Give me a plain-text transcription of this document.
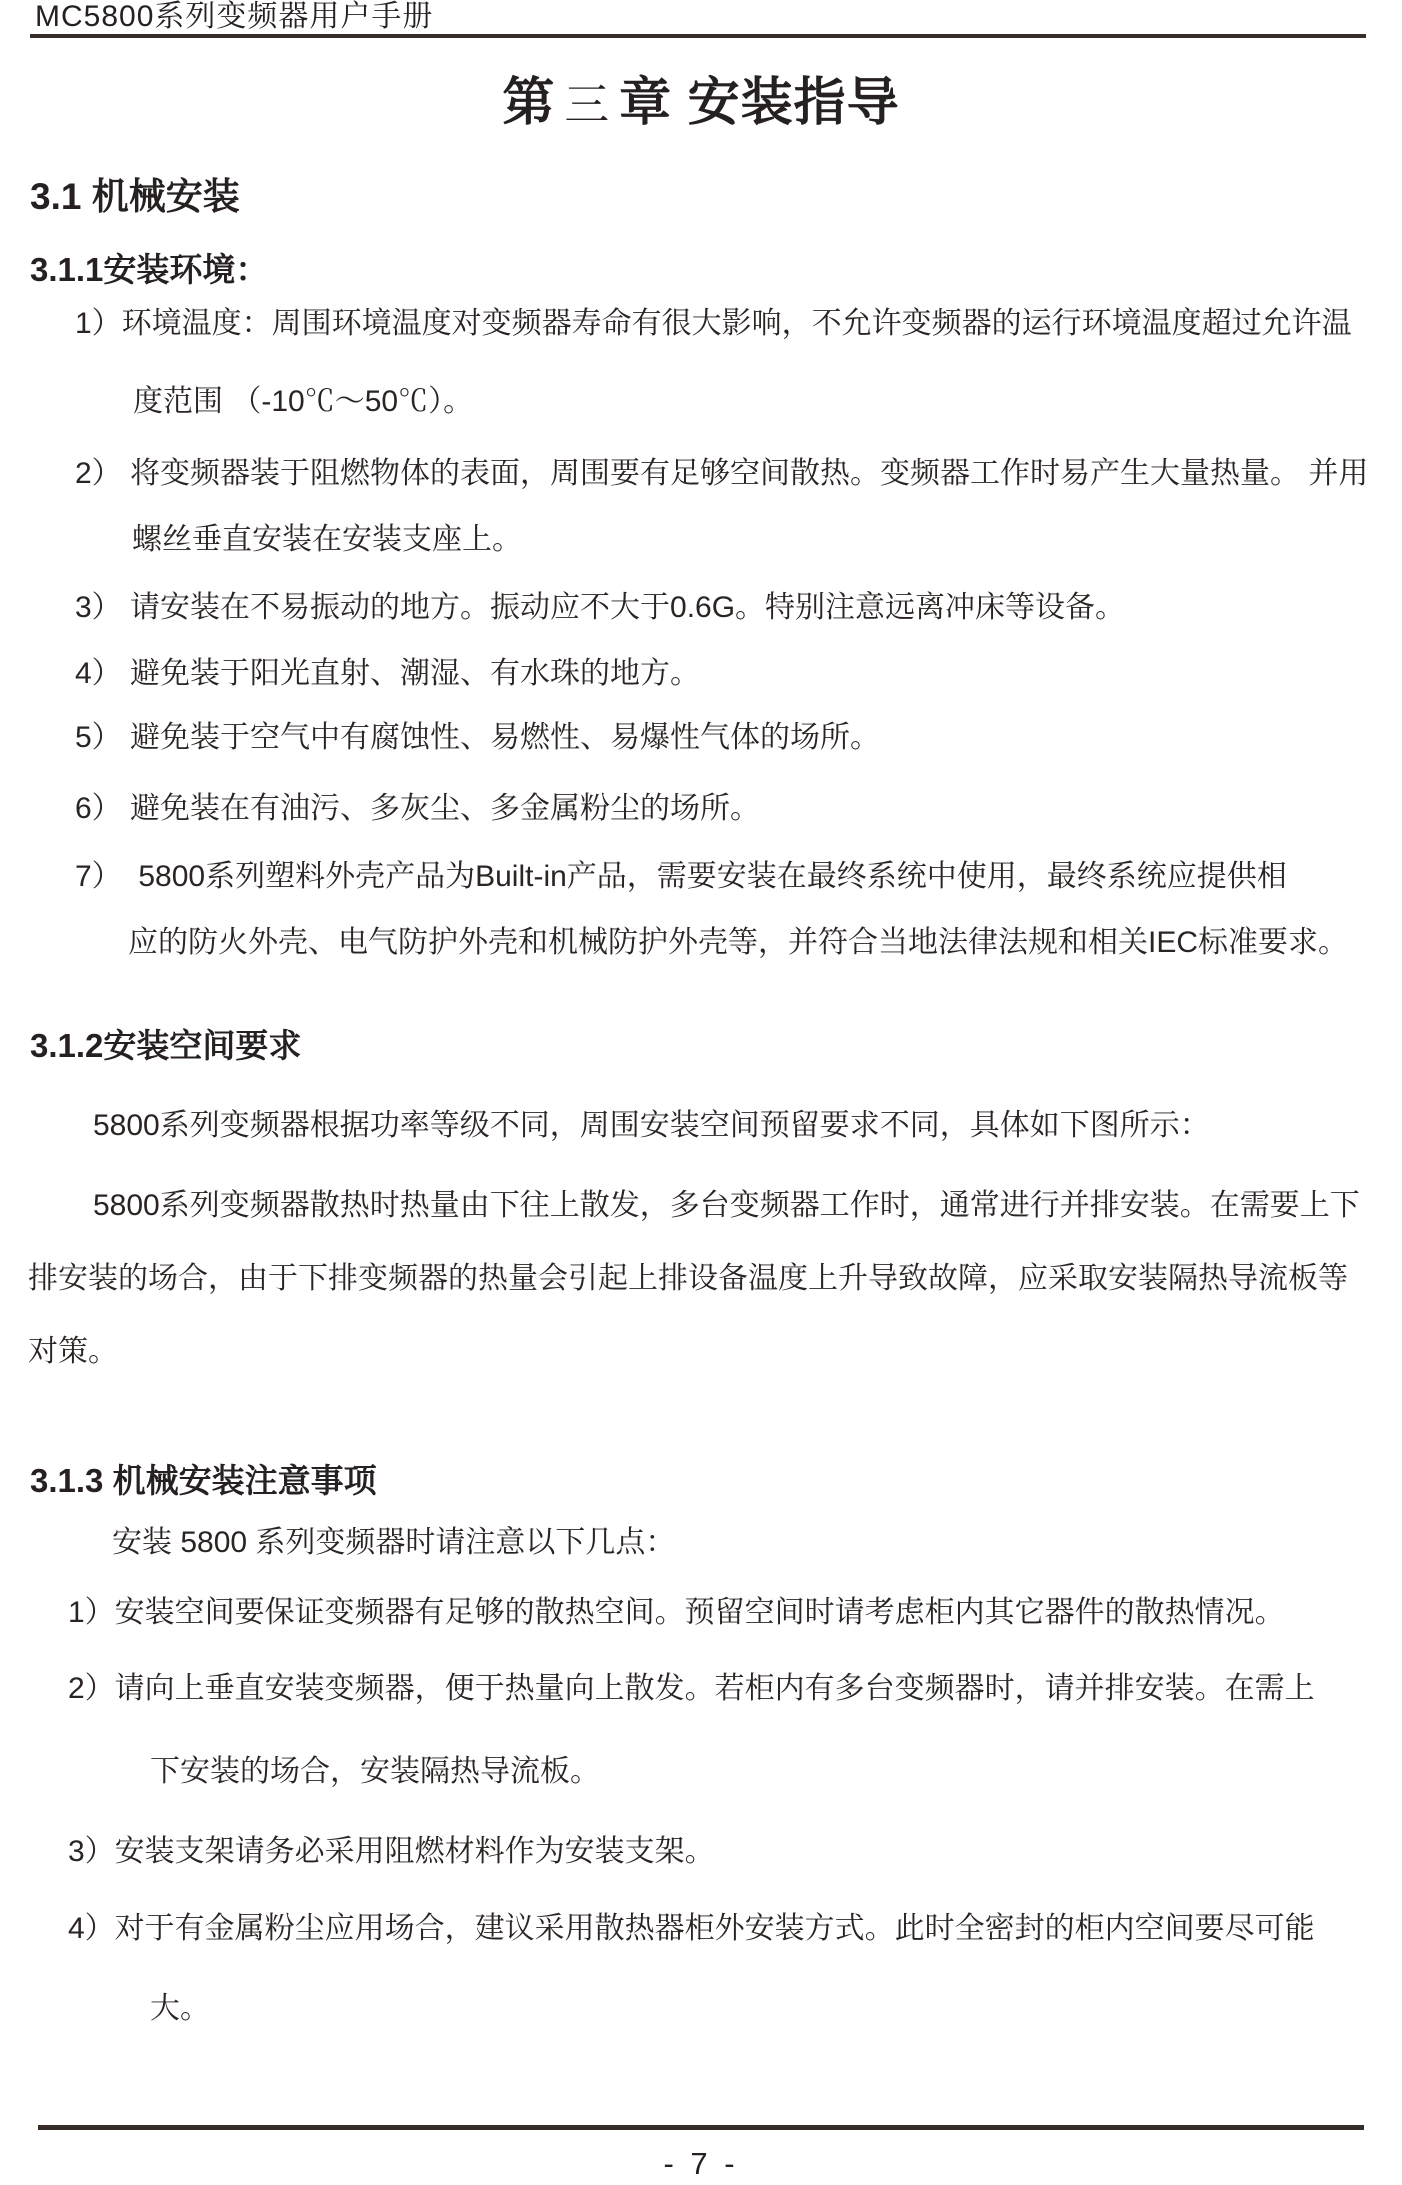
MC5800系列变频器用户手册
第 三 章 安装指导
3.1 机械安装
3.1.1安装环境：
1）环境温度：周围环境温度对变频器寿命有很大影响，不允许变频器的运行环境温度超过允许温
度范围 （-10℃～50℃）。
2） 将变频器装于阻燃物体的表面，周围要有足够空间散热。变频器工作时易产生大量热量。 并用
螺丝垂直安装在安装支座上。
3） 请安装在不易振动的地方。振动应不大于0.6G。特别注意远离冲床等设备。
4） 避免装于阳光直射、潮湿、有水珠的地方。
5） 避免装于空气中有腐蚀性、易燃性、易爆性气体的场所。
6） 避免装在有油污、多灰尘、多金属粉尘的场所。
7）  5800系列塑料外壳产品为Built-in产品，需要安装在最终系统中使用，最终系统应提供相
应的防火外壳、电气防护外壳和机械防护外壳等，并符合当地法律法规和相关IEC标准要求。
3.1.2安装空间要求
5800系列变频器根据功率等级不同，周围安装空间预留要求不同，具体如下图所示：
5800系列变频器散热时热量由下往上散发，多台变频器工作时，通常进行并排安装。在需要上下
排安装的场合，由于下排变频器的热量会引起上排设备温度上升导致故障，应采取安装隔热导流板等
对策。
3.1.3 机械安装注意事项
安装 5800 系列变频器时请注意以下几点：
1）安装空间要保证变频器有足够的散热空间。预留空间时请考虑柜内其它器件的散热情况。
2）请向上垂直安装变频器，便于热量向上散发。若柜内有多台变频器时，请并排安装。在需上
下安装的场合，安装隔热导流板。
3）安装支架请务必采用阻燃材料作为安装支架。
4）对于有金属粉尘应用场合，建议采用散热器柜外安装方式。此时全密封的柜内空间要尽可能
大。
- 7 -
